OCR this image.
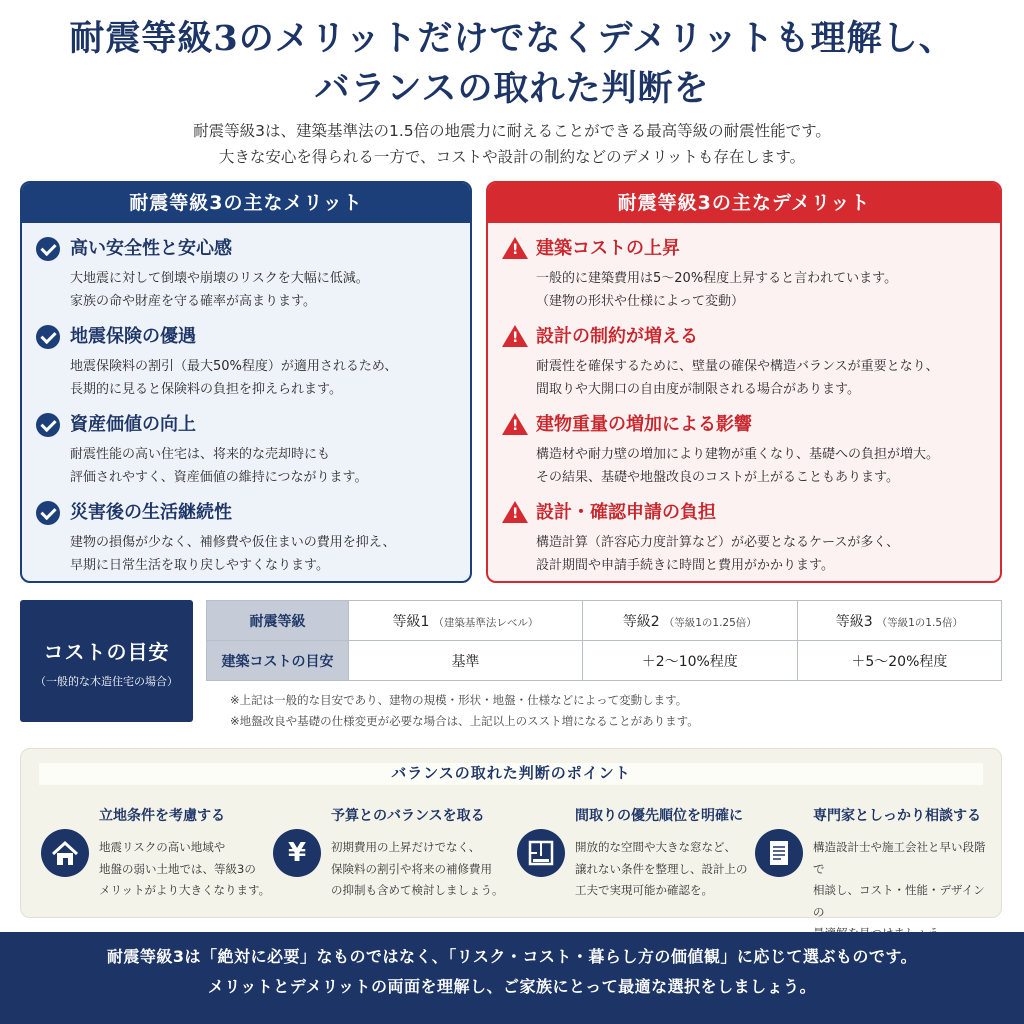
耐震等級3のメリットだけでなくデメリットも理解し、
バランスの取れた判断を
耐震等級3は、建築基準法の1.5倍の地震力に耐えることができる最高等級の耐震性能です。
大きな安心を得られる一方で、コストや設計の制約などのデメリットも存在します。
耐震等級3の主なメリット
高い安全性と安心感
大地震に対して倒壊や崩壊のリスクを大幅に低減。
家族の命や財産を守る確率が高まります。
地震保険の優遇
地震保険料の割引（最大50%程度）が適用されるため、
長期的に見ると保険料の負担を抑えられます。
資産価値の向上
耐震性能の高い住宅は、将来的な売却時にも
評価されやすく、資産価値の維持につながります。
災害後の生活継続性
建物の損傷が少なく、補修費や仮住まいの費用を抑え、
早期に日常生活を取り戻しやすくなります。
耐震等級3の主なデメリット
!
建築コストの上昇
一般的に建築費用は5〜20%程度上昇すると言われています。
（建物の形状や仕様によって変動）
!
設計の制約が増える
耐震性を確保するために、壁量の確保や構造バランスが重要となり、
間取りや大開口の自由度が制限される場合があります。
!
建物重量の増加による影響
構造材や耐力壁の増加により建物が重くなり、基礎への負担が増大。
その結果、基礎や地盤改良のコストが上がることもあります。
!
設計・確認申請の負担
構造計算（許容応力度計算など）が必要となるケースが多く、
設計期間や申請手続きに時間と費用がかかります。
コストの目安
（一般的な木造住宅の場合）
耐震等級	等級1 （建築基準法レベル）	等級2 （等級1の1.25倍）	等級3 （等級1の1.5倍）
建築コストの目安	基準	＋2〜10%程度	＋5〜20%程度
※上記は一般的な目安であり、建物の規模・形状・地盤・仕様などによって変動します。
※地盤改良や基礎の仕様変更が必要な場合は、上記以上のススト増になることがあります。
バランスの取れた判断のポイント
立地条件を考慮する
地震リスクの高い地域や
地盤の弱い土地では、等級3の
メリットがより大きくなります。
予算とのバランスを取る
¥	初期費用の上昇だけでなく、
保険料の割引や将来の補修費用
の抑制も含めて検討しましょう。
間取りの優先順位を明確に
開放的な空間や大きな窓など、
譲れない条件を整理し、設計上の
工夫で実現可能か確認を。
専門家としっかり相談する
構造設計士や施工会社と早い段階で
相談し、コスト・性能・デザインの

耐震等級3は「絶対に必要」なものではなく、「リスク・コスト・暮らし方の価値観」に応じて選ぶものです。
メリットとデメリットの両面を理解し、ご家族にとって最適な選択をしましょう。
